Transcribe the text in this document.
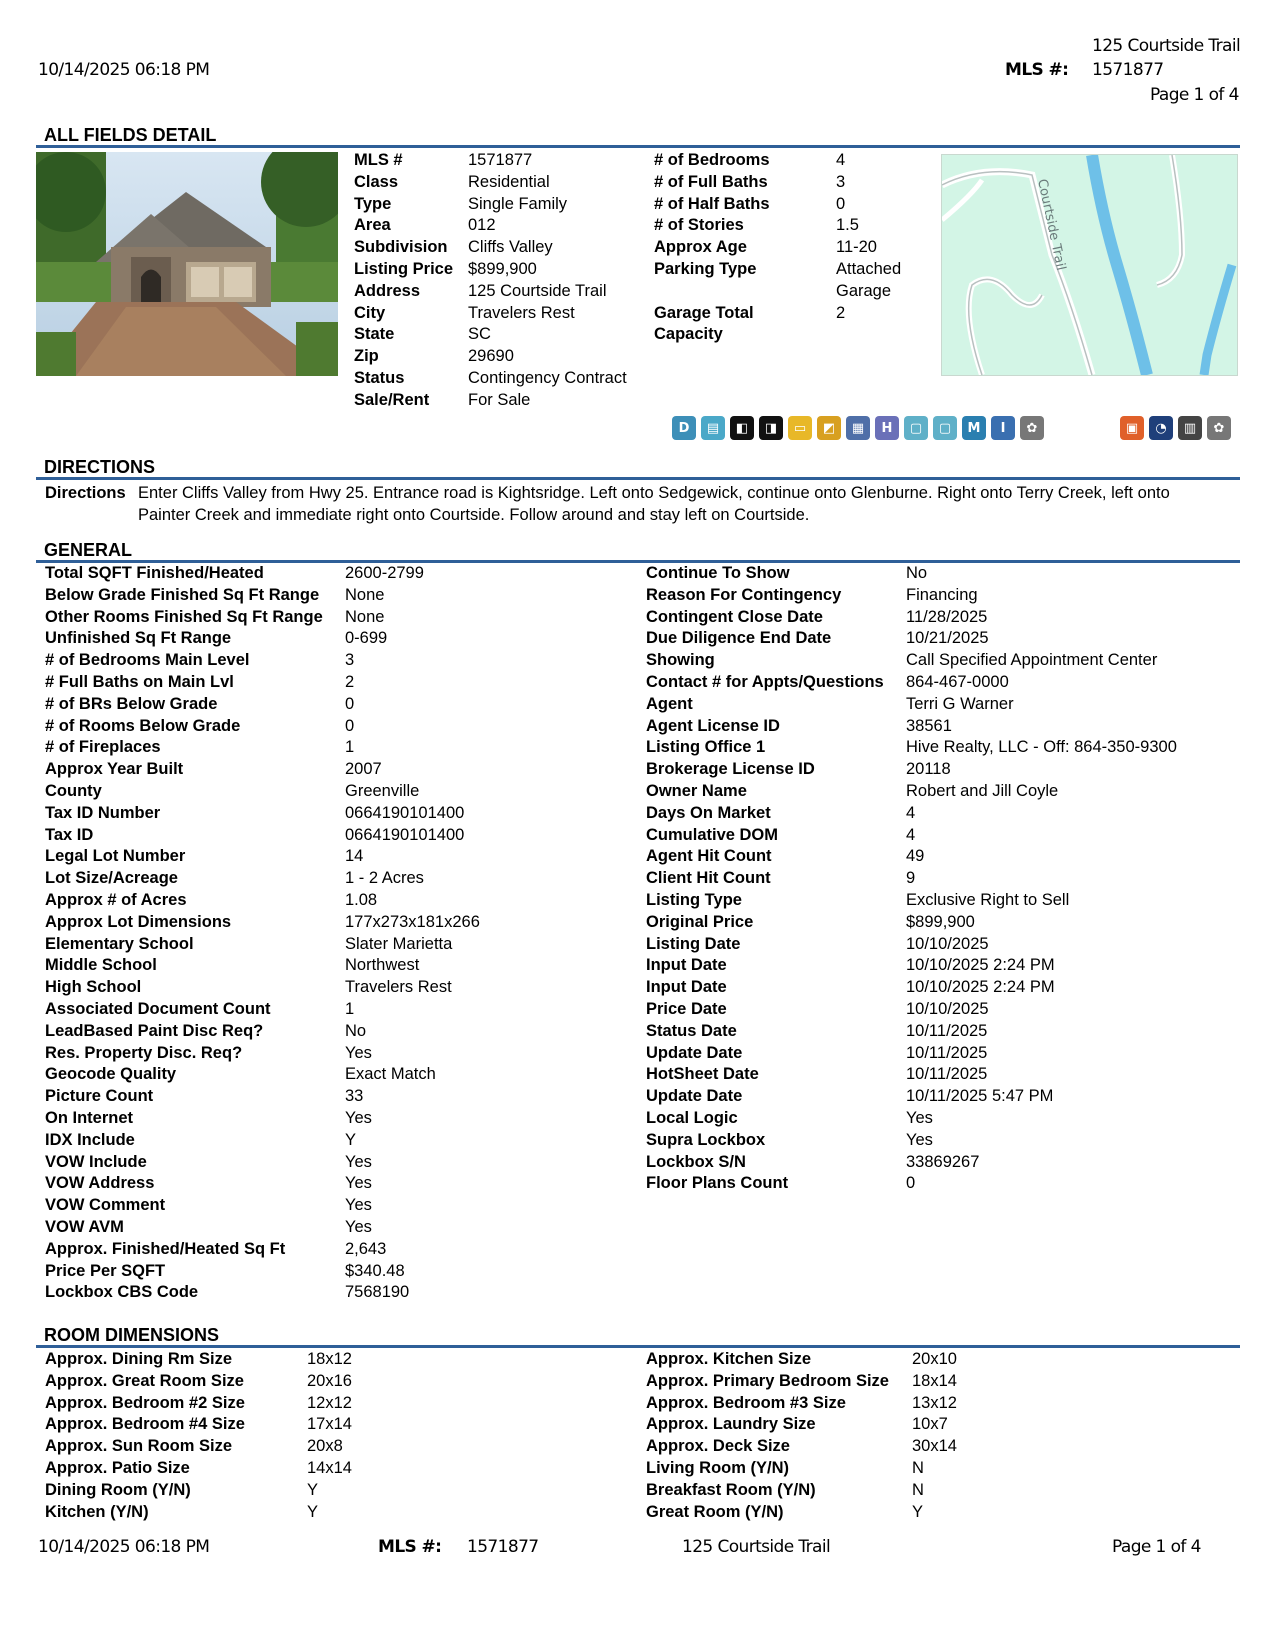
125 Courtside Trail
10/14/2025 06:18 PM	MLS #: 1571877
Page 1 of 4
ALL FIELDS DETAIL
MLS #	1571877
Class	Residential
Type	Single Family
Area	012
Subdivision	Cliffs Valley
Listing Price $899,900
Address	125 Courtside Trail
City	Travelers Rest
State	SC
Zip	29690
Status	Contingency Contract
Sale/Rent	For Sale
# of Bedrooms	4
# of Full Baths	3
# of Half Baths	0
# of Stories	1.5
Approx Age	11-20
Parking Type	Attached
Garage
Garage Total	2
Capacity
Courtside Trail
D	▤	◧	◨	▭	◩	▦	H	▢	▢	M	I	✿	▣	◔	▥	✿
DIRECTIONS
Directions Enter Cliffs Valley from Hwy 25. Entrance road is Kightsridge. Left onto Sedgewick, continue onto Glenburne. Right onto Terry Creek, left onto
Painter Creek and immediate right onto Courtside. Follow around and stay left on Courtside.
GENERAL
Total SQFT Finished/Heated	2600-2799
Below Grade Finished Sq Ft Range	None
Other Rooms Finished Sq Ft Range	None
Unfinished Sq Ft Range	0-699
# of Bedrooms Main Level	3
# Full Baths on Main Lvl	2
# of BRs Below Grade	0
# of Rooms Below Grade	0
# of Fireplaces	1
Approx Year Built	2007
County	Greenville
Tax ID Number	0664190101400
Tax ID	0664190101400
Legal Lot Number	14
Lot Size/Acreage	1 - 2 Acres
Approx # of Acres	1.08
Approx Lot Dimensions	177x273x181x266
Elementary School	Slater Marietta
Middle School	Northwest
High School	Travelers Rest
Associated Document Count	1
LeadBased Paint Disc Req?	No
Res. Property Disc. Req?	Yes
Geocode Quality	Exact Match
Picture Count	33
On Internet	Yes
IDX Include	Y
VOW Include	Yes
VOW Address	Yes
VOW Comment	Yes
VOW AVM	Yes
Approx. Finished/Heated Sq Ft	2,643
Price Per SQFT	$340.48
Lockbox CBS Code	7568190
Continue To Show	No
Reason For Contingency	Financing
Contingent Close Date	11/28/2025
Due Diligence End Date	10/21/2025
Showing	Call Specified Appointment Center
Contact # for Appts/Questions	864-467-0000
Agent	Terri G Warner
Agent License ID	38561
Listing Office 1	Hive Realty, LLC - Off: 864-350-9300
Brokerage License ID	20118
Owner Name	Robert and Jill Coyle
Days On Market	4
Cumulative DOM	4
Agent Hit Count	49
Client Hit Count	9
Listing Type	Exclusive Right to Sell
Original Price	$899,900
Listing Date	10/10/2025
Input Date	10/10/2025 2:24 PM
Input Date	10/10/2025 2:24 PM
Price Date	10/10/2025
Status Date	10/11/2025
Update Date	10/11/2025
HotSheet Date	10/11/2025
Update Date	10/11/2025 5:47 PM
Local Logic	Yes
Supra Lockbox	Yes
Lockbox S/N	33869267
Floor Plans Count	0
ROOM DIMENSIONS
Approx. Dining Rm Size	18x12
Approx. Great Room Size	20x16
Approx. Bedroom #2 Size	12x12
Approx. Bedroom #4 Size	17x14
Approx. Sun Room Size	20x8
Approx. Patio Size	14x14
Dining Room (Y/N)	Y
Kitchen (Y/N)	Y
Approx. Kitchen Size	20x10
Approx. Primary Bedroom Size	18x14
Approx. Bedroom #3 Size	13x12
Approx. Laundry Size	10x7
Approx. Deck Size	30x14
Living Room (Y/N)	N
Breakfast Room (Y/N)	N
Great Room (Y/N)	Y
10/14/2025 06:18 PM	MLS #: 1571877	125 Courtside Trail	Page 1 of 4
